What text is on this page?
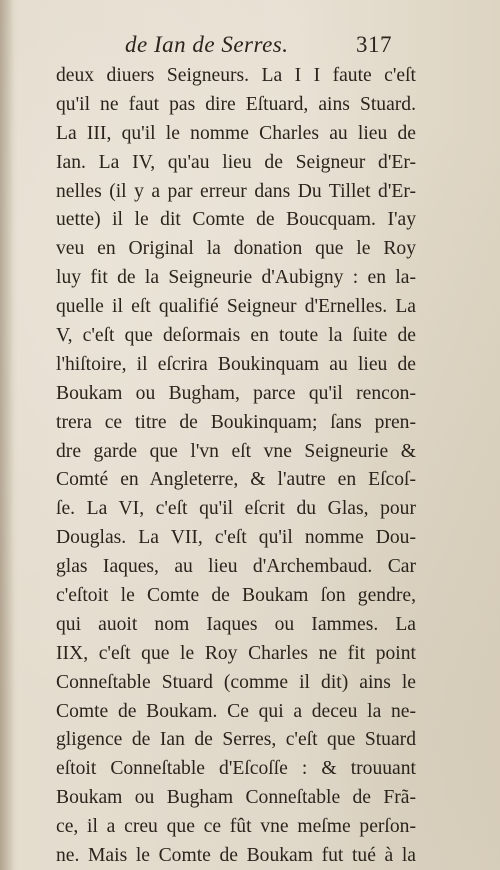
de Ian de Serres.	317
deux diuers Seigneurs. La I I faute c'eſt
qu'il ne faut pas dire Eſtuard, ains Stuard.
La III, qu'il le nomme Charles au lieu de
Ian. La IV, qu'au lieu de Seigneur d'Er-
nelles (il y a par erreur dans Du Tillet d'Er-
uette) il le dit Comte de Boucquam. I'ay
veu en Original la donation que le Roy
luy fit de la Seigneurie d'Aubigny : en la-
quelle il eſt qualifié Seigneur d'Ernelles. La
V, c'eſt que deſormais en toute la ſuite de
l'hiſtoire, il eſcrira Boukinquam au lieu de
Boukam ou Bugham, parce qu'il rencon-
trera ce titre de Boukinquam; ſans pren-
dre garde que l'vn eſt vne Seigneurie &
Comté en Angleterre, & l'autre en Eſcoſ-
ſe. La VI, c'eſt qu'il eſcrit du Glas, pour
Douglas. La VII, c'eſt qu'il nomme Dou-
glas Iaques, au lieu d'Archembaud. Car
c'eſtoit le Comte de Boukam ſon gendre,
qui auoit nom Iaques ou Iammes. La
IIX, c'eſt que le Roy Charles ne fit point
Conneſtable Stuard (comme il dit) ains le
Comte de Boukam. Ce qui a deceu la ne-
gligence de Ian de Serres, c'eſt que Stuard
eſtoit Conneſtable d'Eſcoſſe : & trouuant
Boukam ou Bugham Conneſtable de Frã-
ce, il a creu que ce fût vne meſme perſon-
ne. Mais le Comte de Boukam fut tué à la
